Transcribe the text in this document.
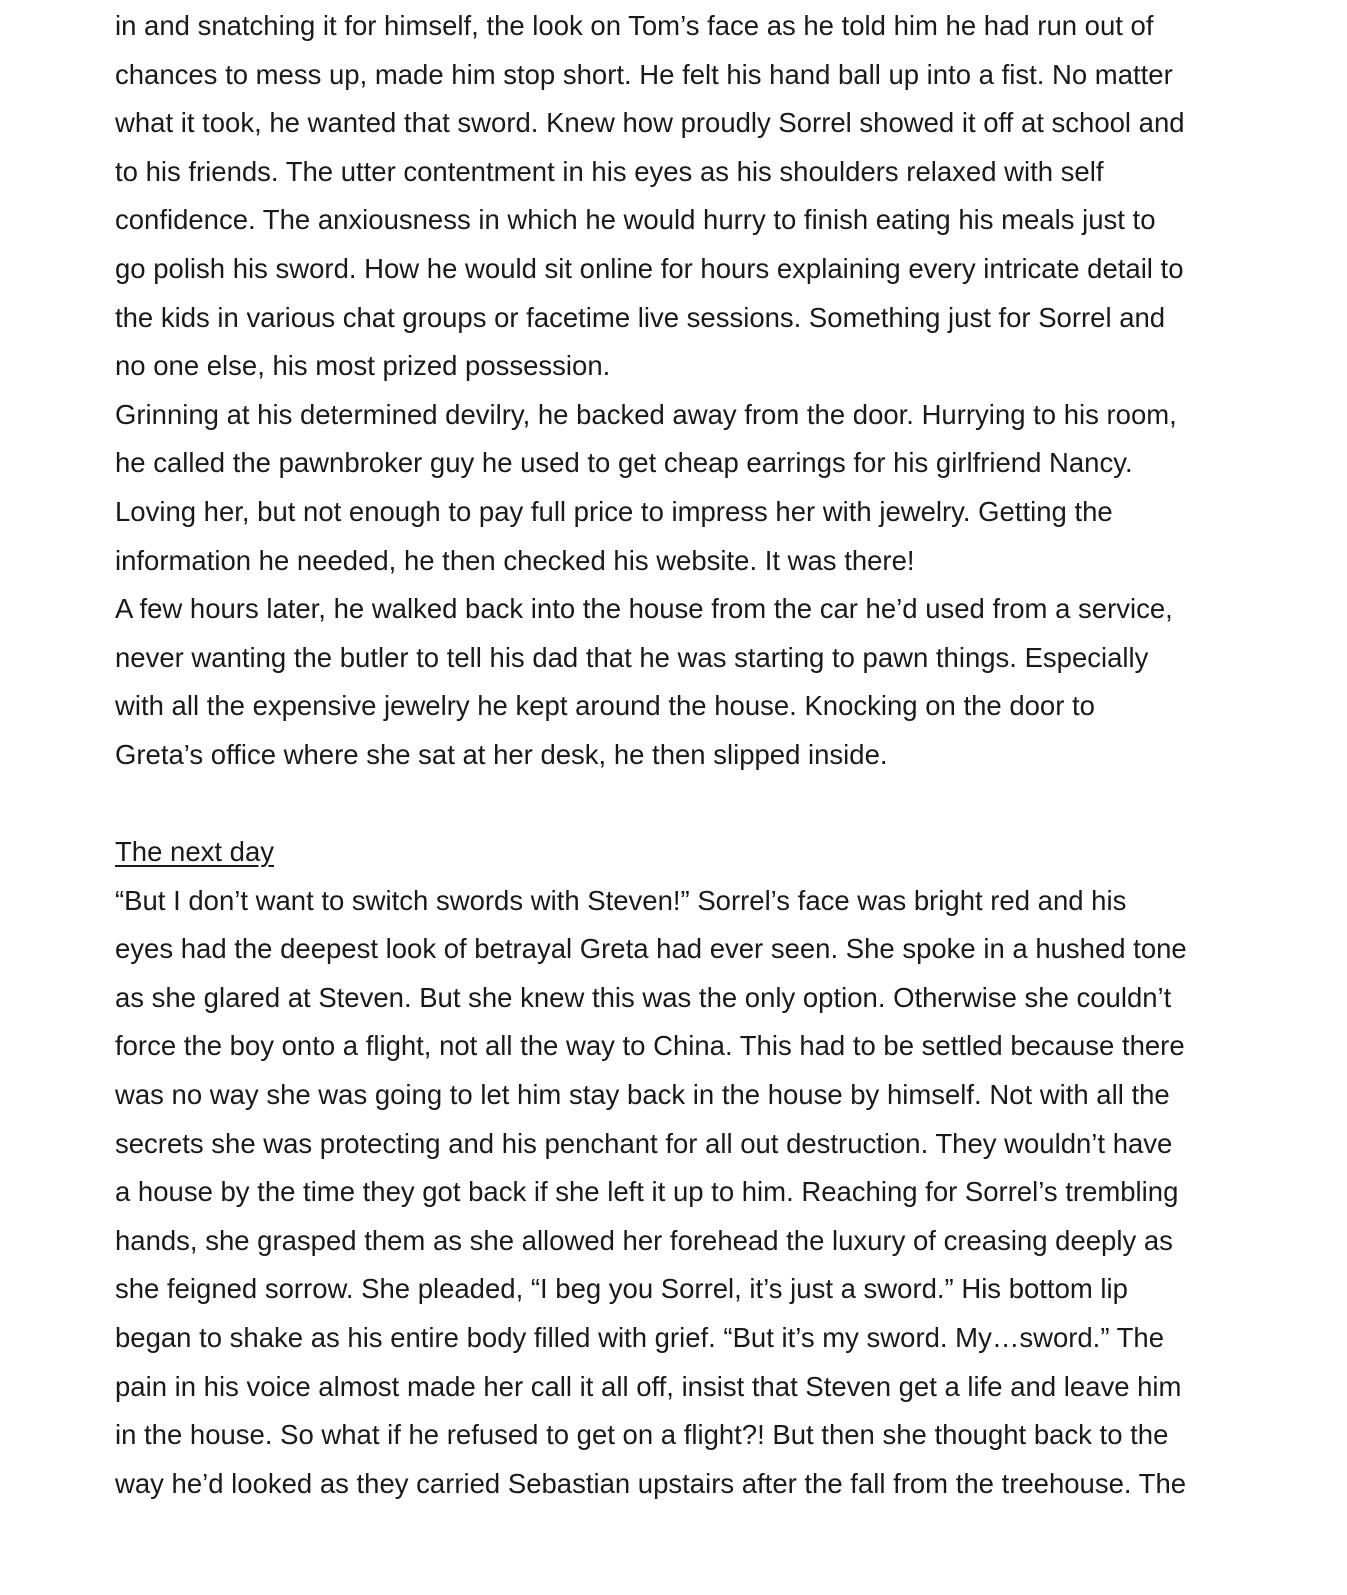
in and snatching it for himself, the look on Tom’s face as he told him he had run out of
chances to mess up, made him stop short. He felt his hand ball up into a fist. No matter
what it took, he wanted that sword. Knew how proudly Sorrel showed it off at school and
to his friends. The utter contentment in his eyes as his shoulders relaxed with self
confidence. The anxiousness in which he would hurry to finish eating his meals just to
go polish his sword. How he would sit online for hours explaining every intricate detail to
the kids in various chat groups or facetime live sessions. Something just for Sorrel and
no one else, his most prized possession.
Grinning at his determined devilry, he backed away from the door. Hurrying to his room,
he called the pawnbroker guy he used to get cheap earrings for his girlfriend Nancy.
Loving her, but not enough to pay full price to impress her with jewelry. Getting the
information he needed, he then checked his website. It was there!
A few hours later, he walked back into the house from the car he’d used from a service,
never wanting the butler to tell his dad that he was starting to pawn things. Especially
with all the expensive jewelry he kept around the house. Knocking on the door to
Greta’s office where she sat at her desk, he then slipped inside.
The next day
“But I don’t want to switch swords with Steven!” Sorrel’s face was bright red and his
eyes had the deepest look of betrayal Greta had ever seen. She spoke in a hushed tone
as she glared at Steven. But she knew this was the only option. Otherwise she couldn’t
force the boy onto a flight, not all the way to China. This had to be settled because there
was no way she was going to let him stay back in the house by himself. Not with all the
secrets she was protecting and his penchant for all out destruction. They wouldn’t have
a house by the time they got back if she left it up to him. Reaching for Sorrel’s trembling
hands, she grasped them as she allowed her forehead the luxury of creasing deeply as
she feigned sorrow. She pleaded, “I beg you Sorrel, it’s just a sword.” His bottom lip
began to shake as his entire body filled with grief. “But it’s my sword. My…sword.” The
pain in his voice almost made her call it all off, insist that Steven get a life and leave him
in the house. So what if he refused to get on a flight?! But then she thought back to the
way he’d looked as they carried Sebastian upstairs after the fall from the treehouse. The
